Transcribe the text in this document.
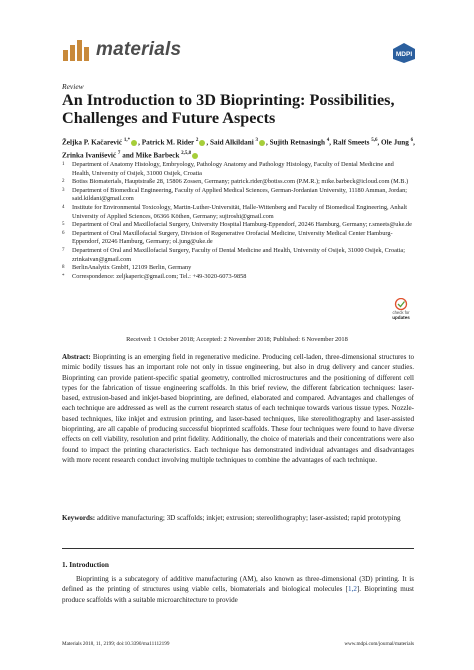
materials	MDPI
Review
An Introduction to 3D Bioprinting: Possibilities, Challenges and Future Aspects
Željka P. Kačarević $^{1,*}$ , Patrick M. Rider $^2$ , Said Alkildani $^3$ , Sujith Retnasingh $^4$, Ralf Smeets $^{5,6}$, Ole Jung $^6$, Zrinka Ivanišević $^7$ and Mike Barbeck $^{2,5,8}$
1	Department of Anatomy Histology, Embryology, Pathology Anatomy and Pathology Histology, Faculty of Dental Medicine and Health, University of Osijek, 31000 Osijek, Croatia
2	Botiss Biomaterials, Hauptstraße 28, 15806 Zossen, Germany; patrick.rider@botiss.com (P.M.R.); mike.barbeck@icloud.com (M.B.)
3	Department of Biomedical Engineering, Faculty of Applied Medical Sciences, German-Jordanian University, 11180 Amman, Jordan; said.kildani@gmail.com
4	Institute for Environmental Toxicology, Martin-Luther-Universität, Halle-Wittenberg and Faculty of Biomedical Engineering, Anhalt University of Applied Sciences, 06366 Köthen, Germany; sujiroshi@gmail.com
5	Department of Oral and Maxillofacial Surgery, University Hospital Hamburg-Eppendorf, 20246 Hamburg, Germany; r.smeets@uke.de
6	Department of Oral Maxillofacial Surgery, Division of Regenerative Orofacial Medicine, University Medical Center Hamburg-Eppendorf, 20246 Hamburg, Germany; ol.jung@uke.de
7	Department of Oral and Maxillofacial Surgery, Faculty of Dental Medicine and Health, University of Osijek, 31000 Osijek, Croatia; zrinkaivan@gmail.com
8	BerlinAnalytix GmbH, 12109 Berlin, Germany
*	Correspondence: zeljkaperic@gmail.com; Tel.: +49-3020-6073-9858
check for
updates
Received: 1 October 2018; Accepted: 2 November 2018; Published: 6 November 2018
Abstract: Bioprinting is an emerging field in regenerative medicine. Producing cell-laden, three-dimensional structures to mimic bodily tissues has an important role not only in tissue engineering, but also in drug delivery and cancer studies. Bioprinting can provide patient-specific spatial geometry, controlled microstructures and the positioning of different cell types for the fabrication of tissue engineering scaffolds. In this brief review, the different fabrication techniques: laser-based, extrusion-based and inkjet-based bioprinting, are defined, elaborated and compared. Advantages and challenges of each technique are addressed as well as the current research status of each technique towards various tissue types. Nozzle-based techniques, like inkjet and extrusion printing, and laser-based techniques, like stereolithography and laser-assisted bioprinting, are all capable of producing successful bioprinted scaffolds. These four techniques were found to have diverse effects on cell viability, resolution and print fidelity. Additionally, the choice of materials and their concentrations were also found to impact the printing characteristics. Each technique has demonstrated individual advantages and disadvantages with more recent research conduct involving multiple techniques to combine the advantages of each technique.
Keywords: additive manufacturing; 3D scaffolds; inkjet; extrusion; stereolithography; laser-assisted; rapid prototyping
1. Introduction
Bioprinting is a subcategory of additive manufacturing (AM), also known as three-dimensional (3D) printing. It is defined as the printing of structures using viable cells, biomaterials and biological molecules [1,2]. Bioprinting must produce scaffolds with a suitable microarchitecture to provide
Materials 2018, 11, 2199; doi:10.3390/ma11112199	www.mdpi.com/journal/materials
